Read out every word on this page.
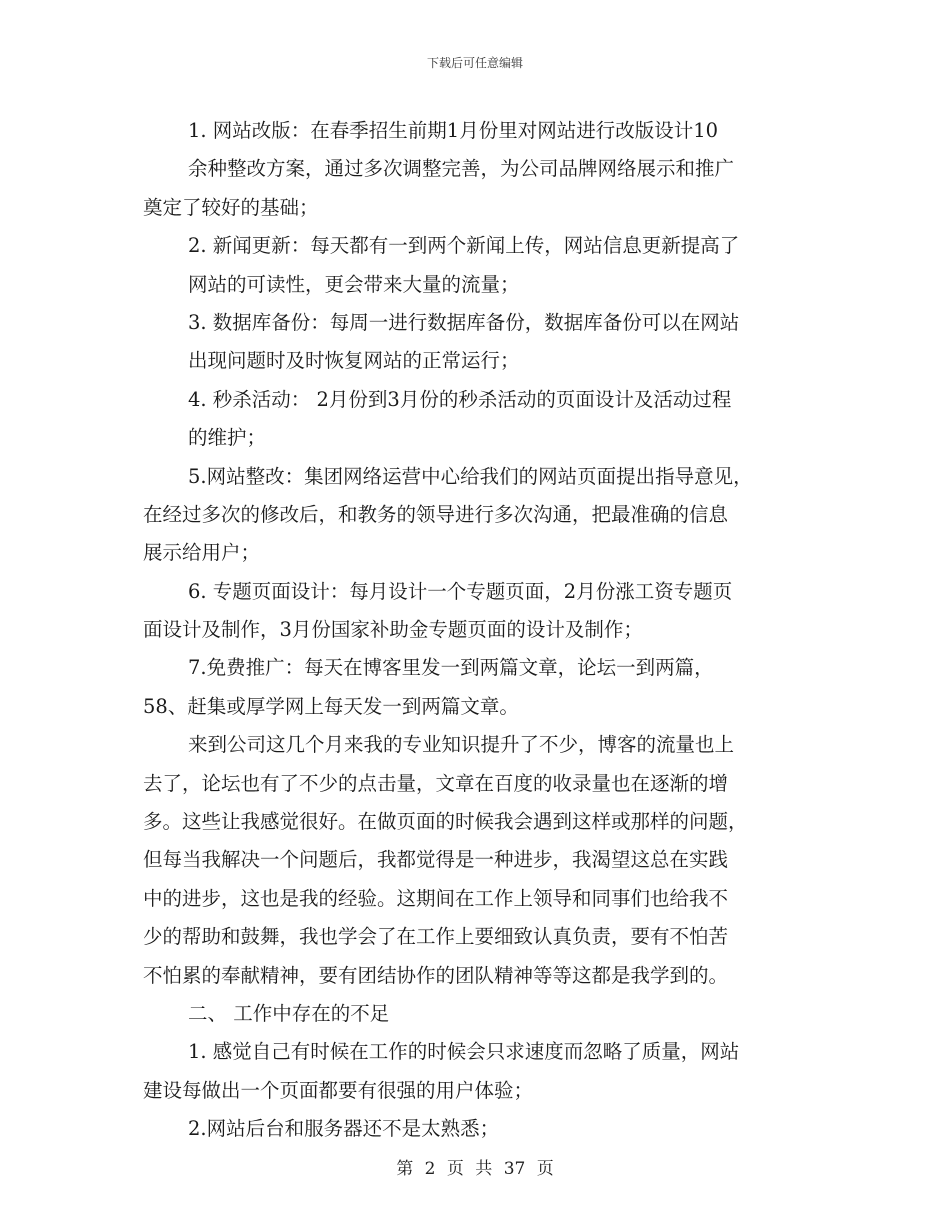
下载后可任意编辑
1. 网站改版：在春季招生前期1月份里对网站进行改版设计10
余种整改方案，通过多次调整完善，为公司品牌网络展示和推广
奠定了较好的基础；
2. 新闻更新：每天都有一到两个新闻上传，网站信息更新提高了
网站的可读性，更会带来大量的流量；
3. 数据库备份：每周一进行数据库备份，数据库备份可以在网站
出现问题时及时恢复网站的正常运行；
4. 秒杀活动： 2月份到3月份的秒杀活动的页面设计及活动过程
的维护；
5.网站整改：集团网络运营中心给我们的网站页面提出指导意见，
在经过多次的修改后，和教务的领导进行多次沟通，把最准确的信息
展示给用户；
6. 专题页面设计：每月设计一个专题页面，2月份涨工资专题页
面设计及制作，3月份国家补助金专题页面的设计及制作；
7.免费推广：每天在博客里发一到两篇文章，论坛一到两篇，
58、赶集或厚学网上每天发一到两篇文章。
来到公司这几个月来我的专业知识提升了不少，博客的流量也上
去了，论坛也有了不少的点击量，文章在百度的收录量也在逐渐的增
多。这些让我感觉很好。在做页面的时候我会遇到这样或那样的问题，
但每当我解决一个问题后，我都觉得是一种进步，我渴望这总在实践
中的进步，这也是我的经验。这期间在工作上领导和同事们也给我不
少的帮助和鼓舞，我也学会了在工作上要细致认真负责，要有不怕苦
不怕累的奉献精神，要有团结协作的团队精神等等这都是我学到的。
二、 工作中存在的不足
1. 感觉自己有时候在工作的时候会只求速度而忽略了质量，网站
建设每做出一个页面都要有很强的用户体验；
2.网站后台和服务器还不是太熟悉；
第 2 页 共 37 页
